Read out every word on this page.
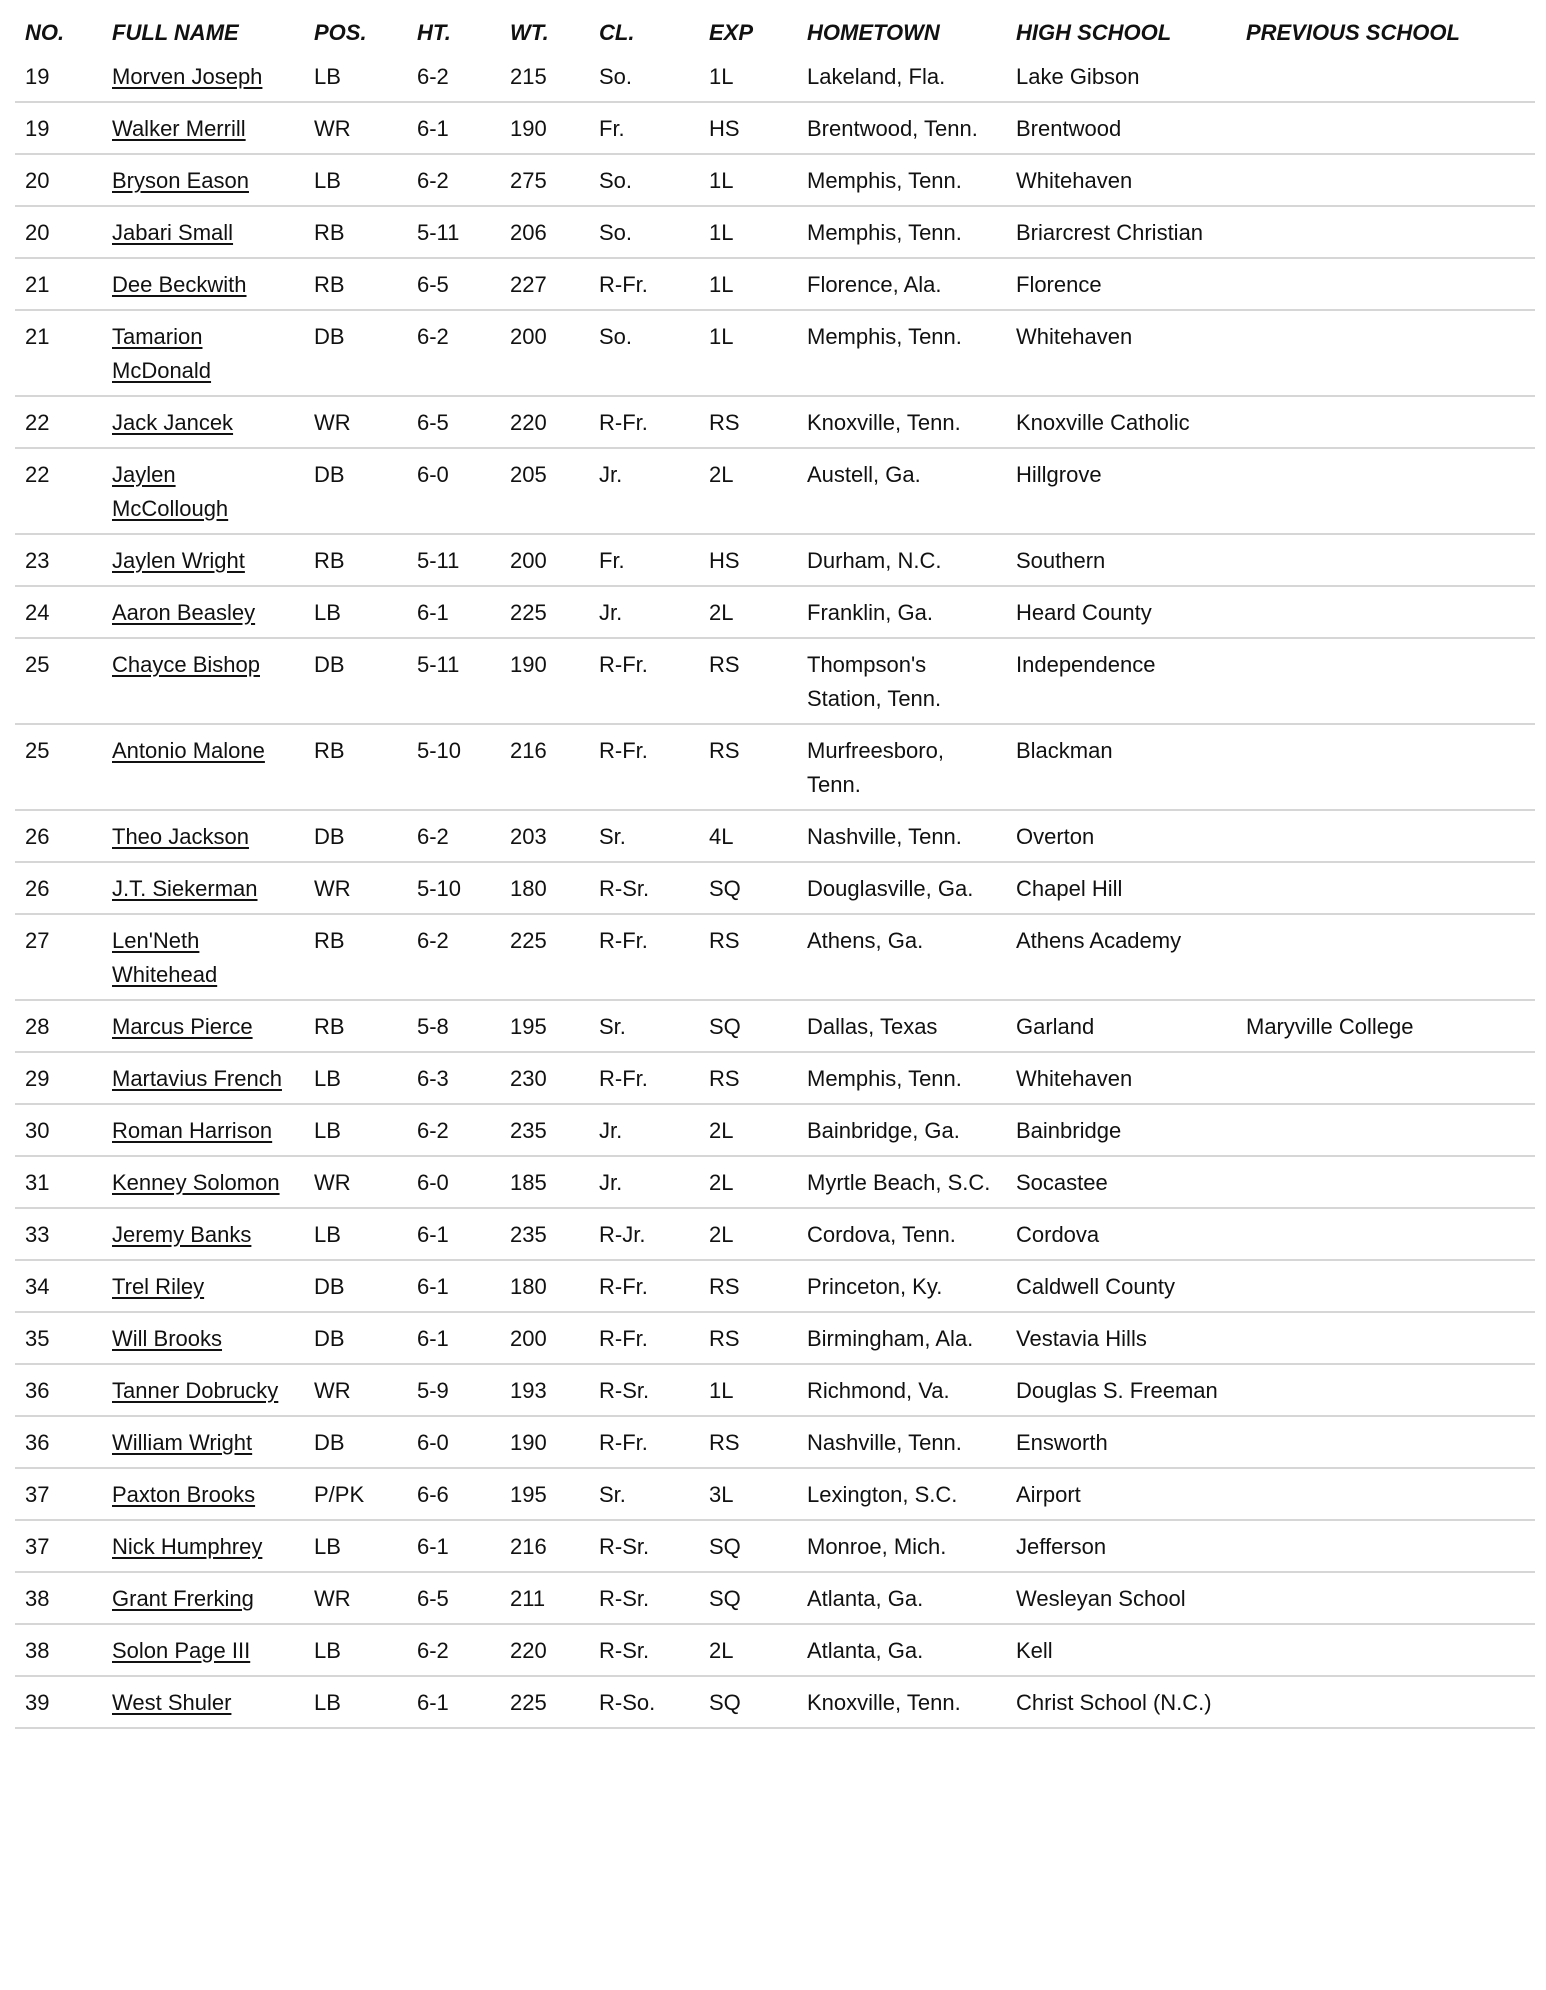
NO.	FULL NAME	POS.	HT.	WT.	CL.	EXP	HOMETOWN	HIGH SCHOOL	PREVIOUS SCHOOL
19	Morven Joseph	LB	6-2	215	So.	1L	Lakeland, Fla.	Lake Gibson	
19	Walker Merrill	WR	6-1	190	Fr.	HS	Brentwood, Tenn.	Brentwood	
20	Bryson Eason	LB	6-2	275	So.	1L	Memphis, Tenn.	Whitehaven	
20	Jabari Small	RB	5-11	206	So.	1L	Memphis, Tenn.	Briarcrest Christian	
21	Dee Beckwith	RB	6-5	227	R-Fr.	1L	Florence, Ala.	Florence	
21	Tamarion McDonald	DB	6-2	200	So.	1L	Memphis, Tenn.	Whitehaven	
22	Jack Jancek	WR	6-5	220	R-Fr.	RS	Knoxville, Tenn.	Knoxville Catholic	
22	Jaylen McCollough	DB	6-0	205	Jr.	2L	Austell, Ga.	Hillgrove	
23	Jaylen Wright	RB	5-11	200	Fr.	HS	Durham, N.C.	Southern	
24	Aaron Beasley	LB	6-1	225	Jr.	2L	Franklin, Ga.	Heard County	
25	Chayce Bishop	DB	5-11	190	R-Fr.	RS	Thompson's Station, Tenn.	Independence	
25	Antonio Malone	RB	5-10	216	R-Fr.	RS	Murfreesboro, Tenn.	Blackman	
26	Theo Jackson	DB	6-2	203	Sr.	4L	Nashville, Tenn.	Overton	
26	J.T. Siekerman	WR	5-10	180	R-Sr.	SQ	Douglasville, Ga.	Chapel Hill	
27	Len'Neth Whitehead	RB	6-2	225	R-Fr.	RS	Athens, Ga.	Athens Academy	
28	Marcus Pierce	RB	5-8	195	Sr.	SQ	Dallas, Texas	Garland	Maryville College
29	Martavius French	LB	6-3	230	R-Fr.	RS	Memphis, Tenn.	Whitehaven	
30	Roman Harrison	LB	6-2	235	Jr.	2L	Bainbridge, Ga.	Bainbridge	
31	Kenney Solomon	WR	6-0	185	Jr.	2L	Myrtle Beach, S.C.	Socastee	
33	Jeremy Banks	LB	6-1	235	R-Jr.	2L	Cordova, Tenn.	Cordova	
34	Trel Riley	DB	6-1	180	R-Fr.	RS	Princeton, Ky.	Caldwell County	
35	Will Brooks	DB	6-1	200	R-Fr.	RS	Birmingham, Ala.	Vestavia Hills	
36	Tanner Dobrucky	WR	5-9	193	R-Sr.	1L	Richmond, Va.	Douglas S. Freeman	
36	William Wright	DB	6-0	190	R-Fr.	RS	Nashville, Tenn.	Ensworth	
37	Paxton Brooks	P/PK	6-6	195	Sr.	3L	Lexington, S.C.	Airport	
37	Nick Humphrey	LB	6-1	216	R-Sr.	SQ	Monroe, Mich.	Jefferson	
38	Grant Frerking	WR	6-5	211	R-Sr.	SQ	Atlanta, Ga.	Wesleyan School	
38	Solon Page III	LB	6-2	220	R-Sr.	2L	Atlanta, Ga.	Kell	
39	West Shuler	LB	6-1	225	R-So.	SQ	Knoxville, Tenn.	Christ School (N.C.)	
